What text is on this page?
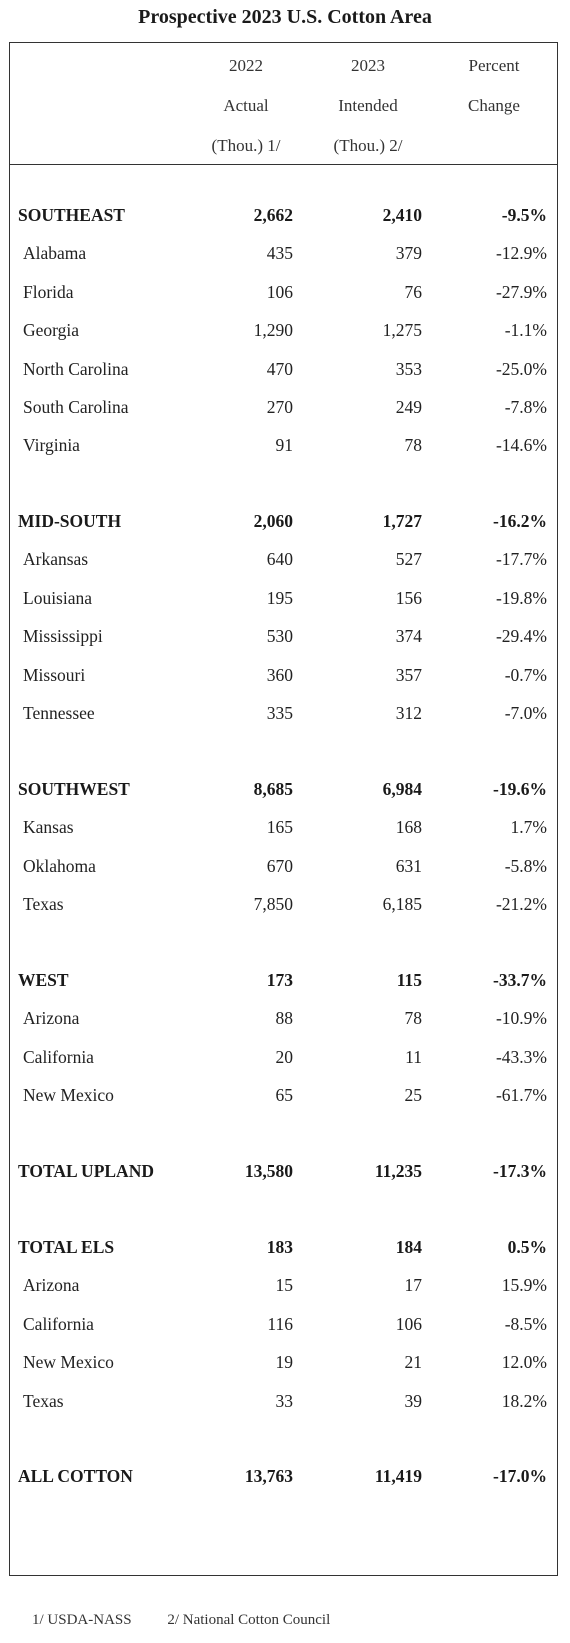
Prospective 2023 U.S. Cotton Area
2022
Actual
(Thou.) 1/
2023
Intended
(Thou.) 2/
Percent
Change
SOUTHEAST	2,662	2,410	-9.5%
Alabama	435	379	-12.9%
Florida	106	76	-27.9%
Georgia	1,290	1,275	-1.1%
North Carolina	470	353	-25.0%
South Carolina	270	249	-7.8%
Virginia	91	78	-14.6%
MID-SOUTH	2,060	1,727	-16.2%
Arkansas	640	527	-17.7%
Louisiana	195	156	-19.8%
Mississippi	530	374	-29.4%
Missouri	360	357	-0.7%
Tennessee	335	312	-7.0%
SOUTHWEST	8,685	6,984	-19.6%
Kansas	165	168	1.7%
Oklahoma	670	631	-5.8%
Texas	7,850	6,185	-21.2%
WEST	173	115	-33.7%
Arizona	88	78	-10.9%
California	20	11	-43.3%
New Mexico	65	25	-61.7%
TOTAL UPLAND	13,580	11,235	-17.3%
TOTAL ELS	183	184	0.5%
Arizona	15	17	15.9%
California	116	106	-8.5%
New Mexico	19	21	12.0%
Texas	33	39	18.2%
ALL COTTON	13,763	11,419	-17.0%
1/ USDA-NASS 2/ National Cotton Council
